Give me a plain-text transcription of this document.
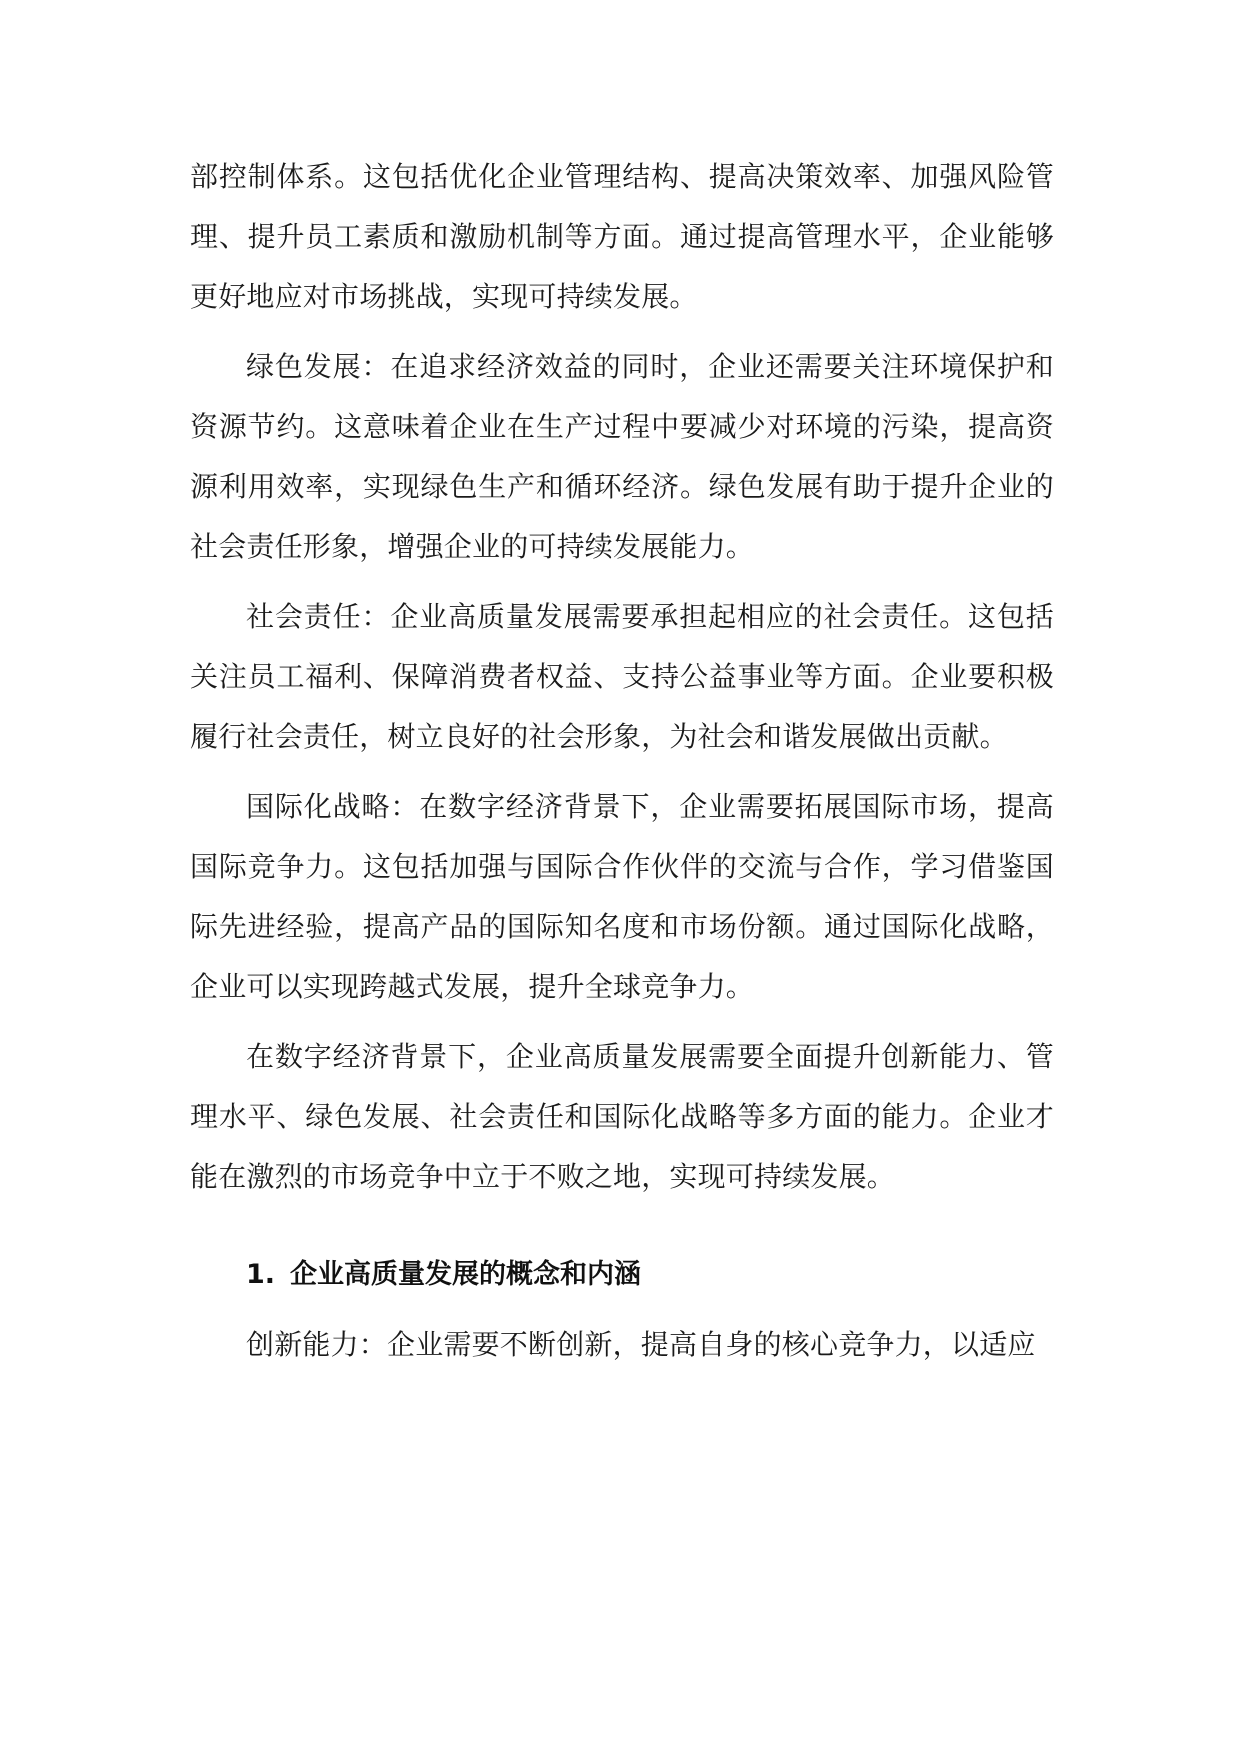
部控制体系。这包括优化企业管理结构、提高决策效率、加强风险管理、提升员工素质和激励机制等方面。通过提高管理水平，企业能够更好地应对市场挑战，实现可持续发展。

绿色发展：在追求经济效益的同时，企业还需要关注环境保护和资源节约。这意味着企业在生产过程中要减少对环境的污染，提高资源利用效率，实现绿色生产和循环经济。绿色发展有助于提升企业的社会责任形象，增强企业的可持续发展能力。

社会责任：企业高质量发展需要承担起相应的社会责任。这包括关注员工福利、保障消费者权益、支持公益事业等方面。企业要积极履行社会责任，树立良好的社会形象，为社会和谐发展做出贡献。

国际化战略：在数字经济背景下，企业需要拓展国际市场，提高国际竞争力。这包括加强与国际合作伙伴的交流与合作，学习借鉴国际先进经验，提高产品的国际知名度和市场份额。通过国际化战略，企业可以实现跨越式发展，提升全球竞争力。

在数字经济背景下，企业高质量发展需要全面提升创新能力、管理水平、绿色发展、社会责任和国际化战略等多方面的能力。企业才能在激烈的市场竞争中立于不败之地，实现可持续发展。

1. 企业高质量发展的概念和内涵

创新能力：企业需要不断创新，提高自身的核心竞争力，以适应
